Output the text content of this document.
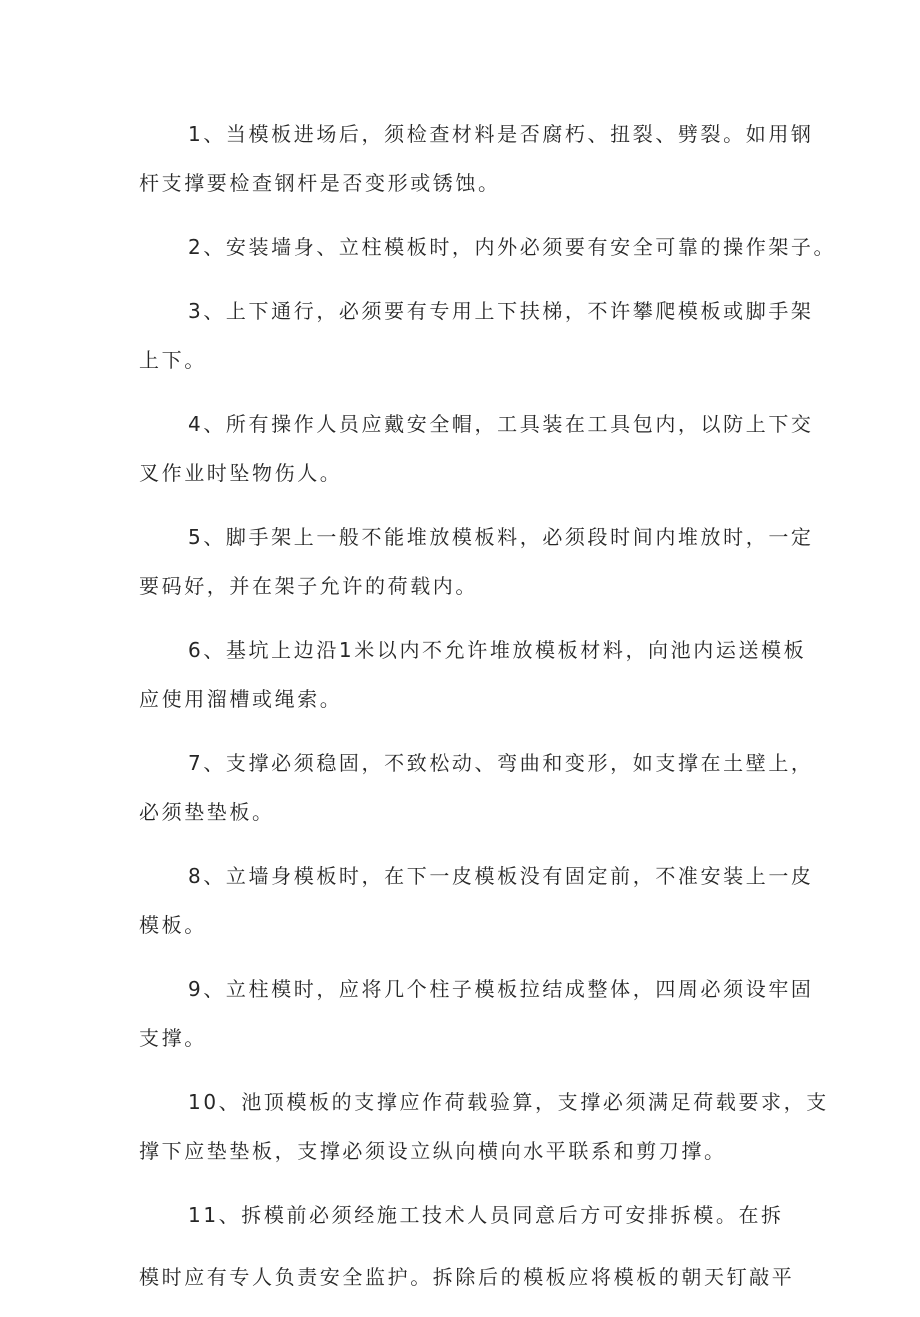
1、当模板进场后，须检查材料是否腐朽、扭裂、劈裂。如用钢
杆支撑要检查钢杆是否变形或锈蚀。

2、安装墙身、立柱模板时，内外必须要有安全可靠的操作架子。

3、上下通行，必须要有专用上下扶梯，不许攀爬模板或脚手架
上下。

4、所有操作人员应戴安全帽，工具装在工具包内，以防上下交
叉作业时坠物伤人。

5、脚手架上一般不能堆放模板料，必须段时间内堆放时，一定
要码好，并在架子允许的荷载内。

6、基坑上边沿1米以内不允许堆放模板材料，向池内运送模板
应使用溜槽或绳索。

7、支撑必须稳固，不致松动、弯曲和变形，如支撑在土壁上，
必须垫垫板。

8、立墙身模板时，在下一皮模板没有固定前，不准安装上一皮
模板。

9、立柱模时，应将几个柱子模板拉结成整体，四周必须设牢固
支撑。

10、池顶模板的支撑应作荷载验算，支撑必须满足荷载要求，支
撑下应垫垫板，支撑必须设立纵向横向水平联系和剪刀撑。

11、拆模前必须经施工技术人员同意后方可安排拆模。在拆
模时应有专人负责安全监护。拆除后的模板应将模板的朝天钉敲平
